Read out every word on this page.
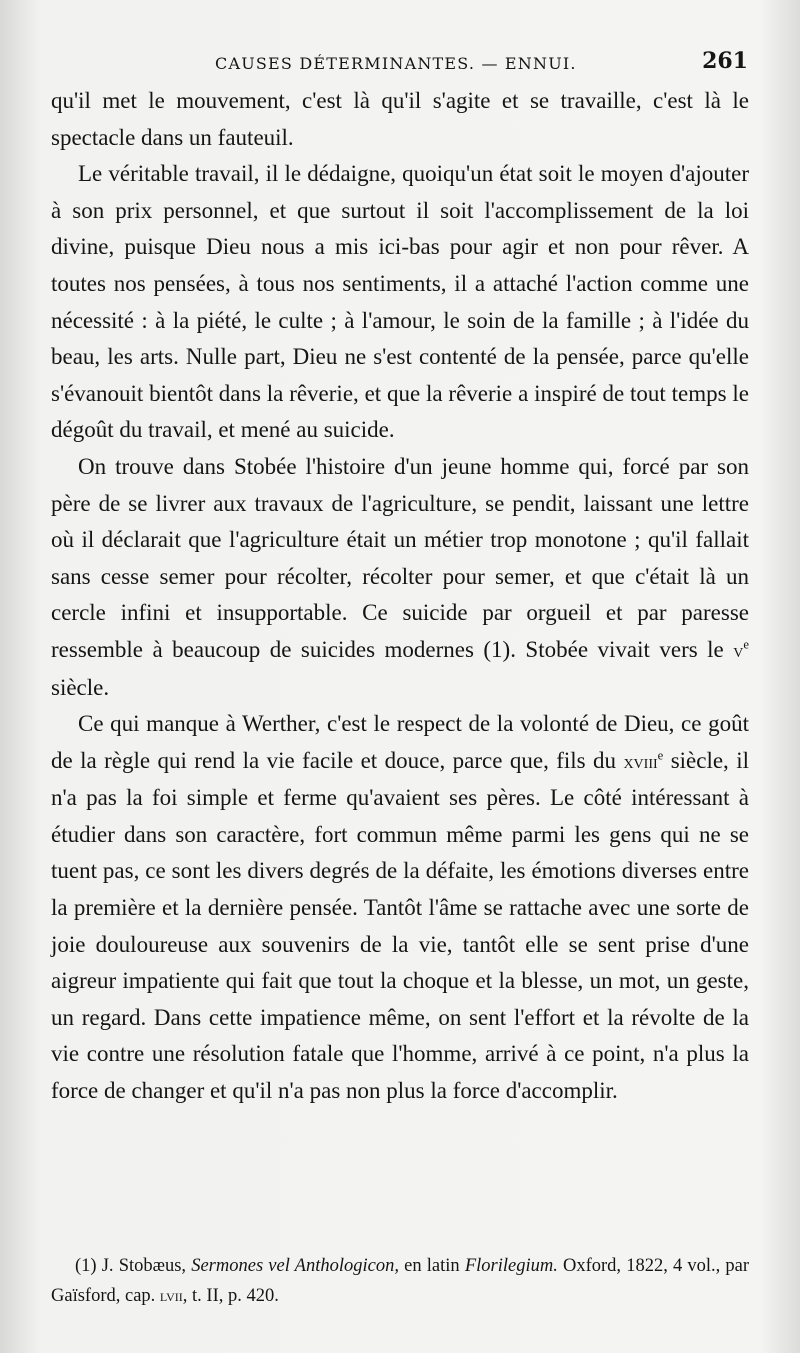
CAUSES DÉTERMINANTES. — ENNUI.	261

qu'il met le mouvement, c'est là qu'il s'agite et se travaille, c'est là le spectacle dans un fauteuil.

Le véritable travail, il le dédaigne, quoiqu'un état soit le moyen d'ajouter à son prix personnel, et que surtout il soit l'accomplissement de la loi divine, puisque Dieu nous a mis ici-bas pour agir et non pour rêver. A toutes nos pensées, à tous nos sentiments, il a attaché l'action comme une nécessité : à la piété, le culte ; à l'amour, le soin de la famille ; à l'idée du beau, les arts. Nulle part, Dieu ne s'est contenté de la pensée, parce qu'elle s'évanouit bientôt dans la rêverie, et que la rêverie a inspiré de tout temps le dégoût du travail, et mené au suicide.

On trouve dans Stobée l'histoire d'un jeune homme qui, forcé par son père de se livrer aux travaux de l'agriculture, se pendit, laissant une lettre où il déclarait que l'agriculture était un métier trop monotone ; qu'il fallait sans cesse semer pour récolter, récolter pour semer, et que c'était là un cercle infini et insupportable. Ce suicide par orgueil et par paresse ressemble à beaucoup de suicides modernes (1). Stobée vivait vers le $v^e$ siècle.

Ce qui manque à Werther, c'est le respect de la volonté de Dieu, ce goût de la règle qui rend la vie facile et douce, parce que, fils du xviii$^e$ siècle, il n'a pas la foi simple et ferme qu'avaient ses pères. Le côté intéressant à étudier dans son caractère, fort commun même parmi les gens qui ne se tuent pas, ce sont les divers degrés de la défaite, les émotions diverses entre la première et la dernière pensée. Tantôt l'âme se rattache avec une sorte de joie douloureuse aux souvenirs de la vie, tantôt elle se sent prise d'une aigreur impatiente qui fait que tout la choque et la blesse, un mot, un geste, un regard. Dans cette impatience même, on sent l'effort et la révolte de la vie contre une résolution fatale que l'homme, arrivé à ce point, n'a plus la force de changer et qu'il n'a pas non plus la force d'accomplir.

(1) J. Stobæus, Sermones vel Anthologicon, en latin Florilegium. Oxford, 1822, 4 vol., par Gaïsford, cap. lvii, t. II, p. 420.
